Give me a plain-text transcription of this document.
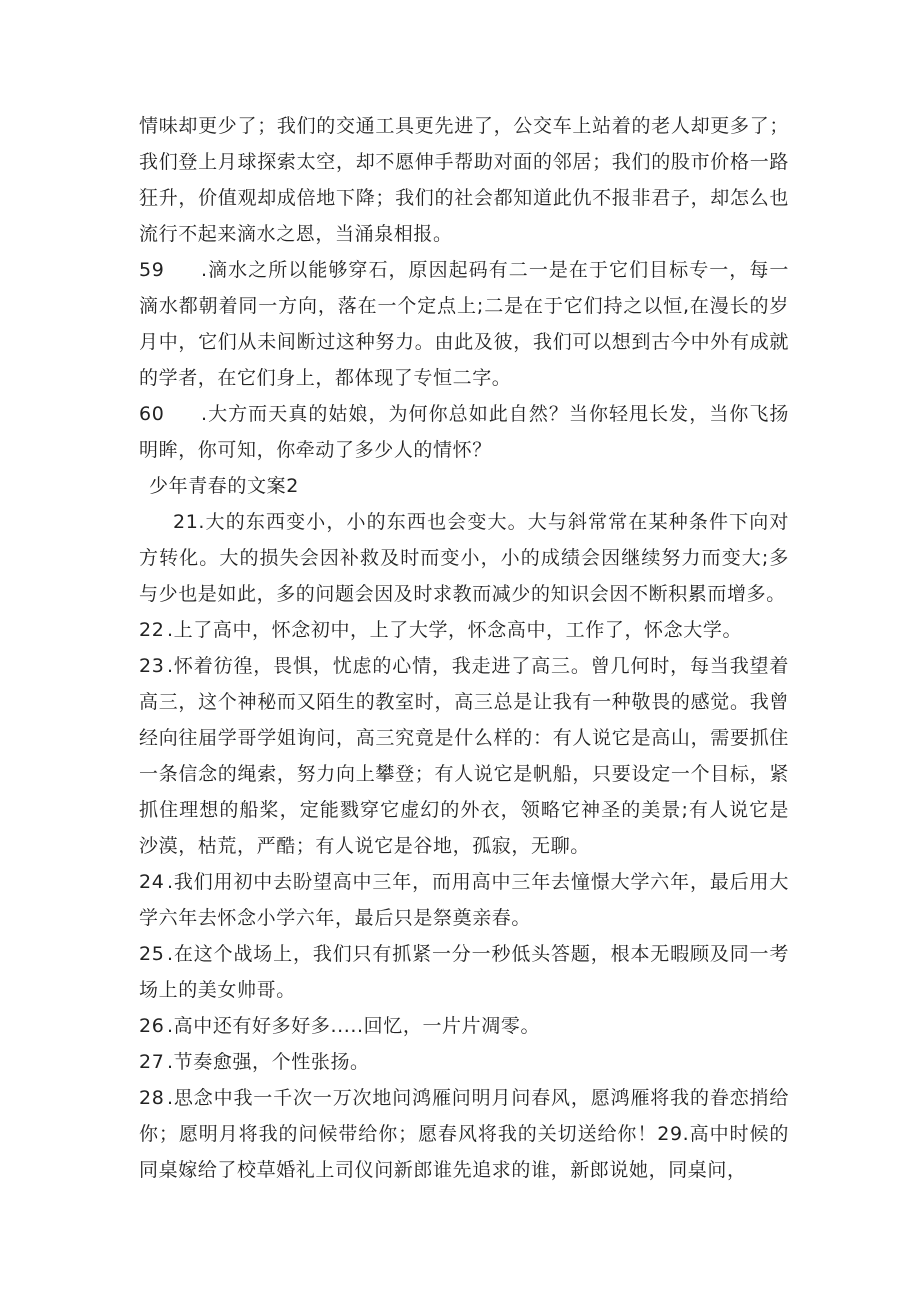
情味却更少了；我们的交通工具更先进了，公交车上站着的老人却更多了；我们登上月球探索太空，却不愿伸手帮助对面的邻居；我们的股市价格一路狂升，价值观却成倍地下降；我们的社会都知道此仇不报非君子，却怎么也流行不起来滴水之恩，当涌泉相报。

59 .滴水之所以能够穿石，原因起码有二一是在于它们目标专一，每一滴水都朝着同一方向，落在一个定点上;二是在于它们持之以恒,在漫长的岁月中，它们从未间断过这种努力。由此及彼，我们可以想到古今中外有成就的学者，在它们身上，都体现了专恒二字。

60 .大方而天真的姑娘，为何你总如此自然？当你轻甩长发，当你飞扬明眸，你可知，你牵动了多少人的情怀？

少年青春的文案2

21.大的东西变小，小的东西也会变大。大与斜常常在某种条件下向对方转化。大的损失会因补救及时而变小，小的成绩会因继续努力而变大;多与少也是如此，多的问题会因及时求教而减少的知识会因不断积累而增多。

22 .上了高中，怀念初中，上了大学，怀念高中，工作了，怀念大学。

23 .怀着彷徨，畏惧，忧虑的心情，我走进了高三。曾几何时，每当我望着高三，这个神秘而又陌生的教室时，高三总是让我有一种敬畏的感觉。我曾经向往届学哥学姐询问，高三究竟是什么样的：有人说它是高山，需要抓住一条信念的绳索，努力向上攀登；有人说它是帆船，只要设定一个目标，紧抓住理想的船桨，定能戮穿它虚幻的外衣，领略它神圣的美景;有人说它是沙漠，枯荒，严酷；有人说它是谷地，孤寂，无聊。

24 .我们用初中去盼望高中三年，而用高中三年去憧憬大学六年，最后用大学六年去怀念小学六年，最后只是祭奠亲春。

25 .在这个战场上，我们只有抓紧一分一秒低头答题，根本无暇顾及同一考场上的美女帅哥。

26 .高中还有好多好多.....回忆，一片片凋零。

27 .节奏愈强，个性张扬。

28 .思念中我一千次一万次地问鸿雁问明月问春风，愿鸿雁将我的眷恋捎给你；愿明月将我的问候带给你；愿春风将我的关切送给你！29.高中时候的同桌嫁给了校草婚礼上司仪问新郎谁先追求的谁，新郎说她，同桌问，
